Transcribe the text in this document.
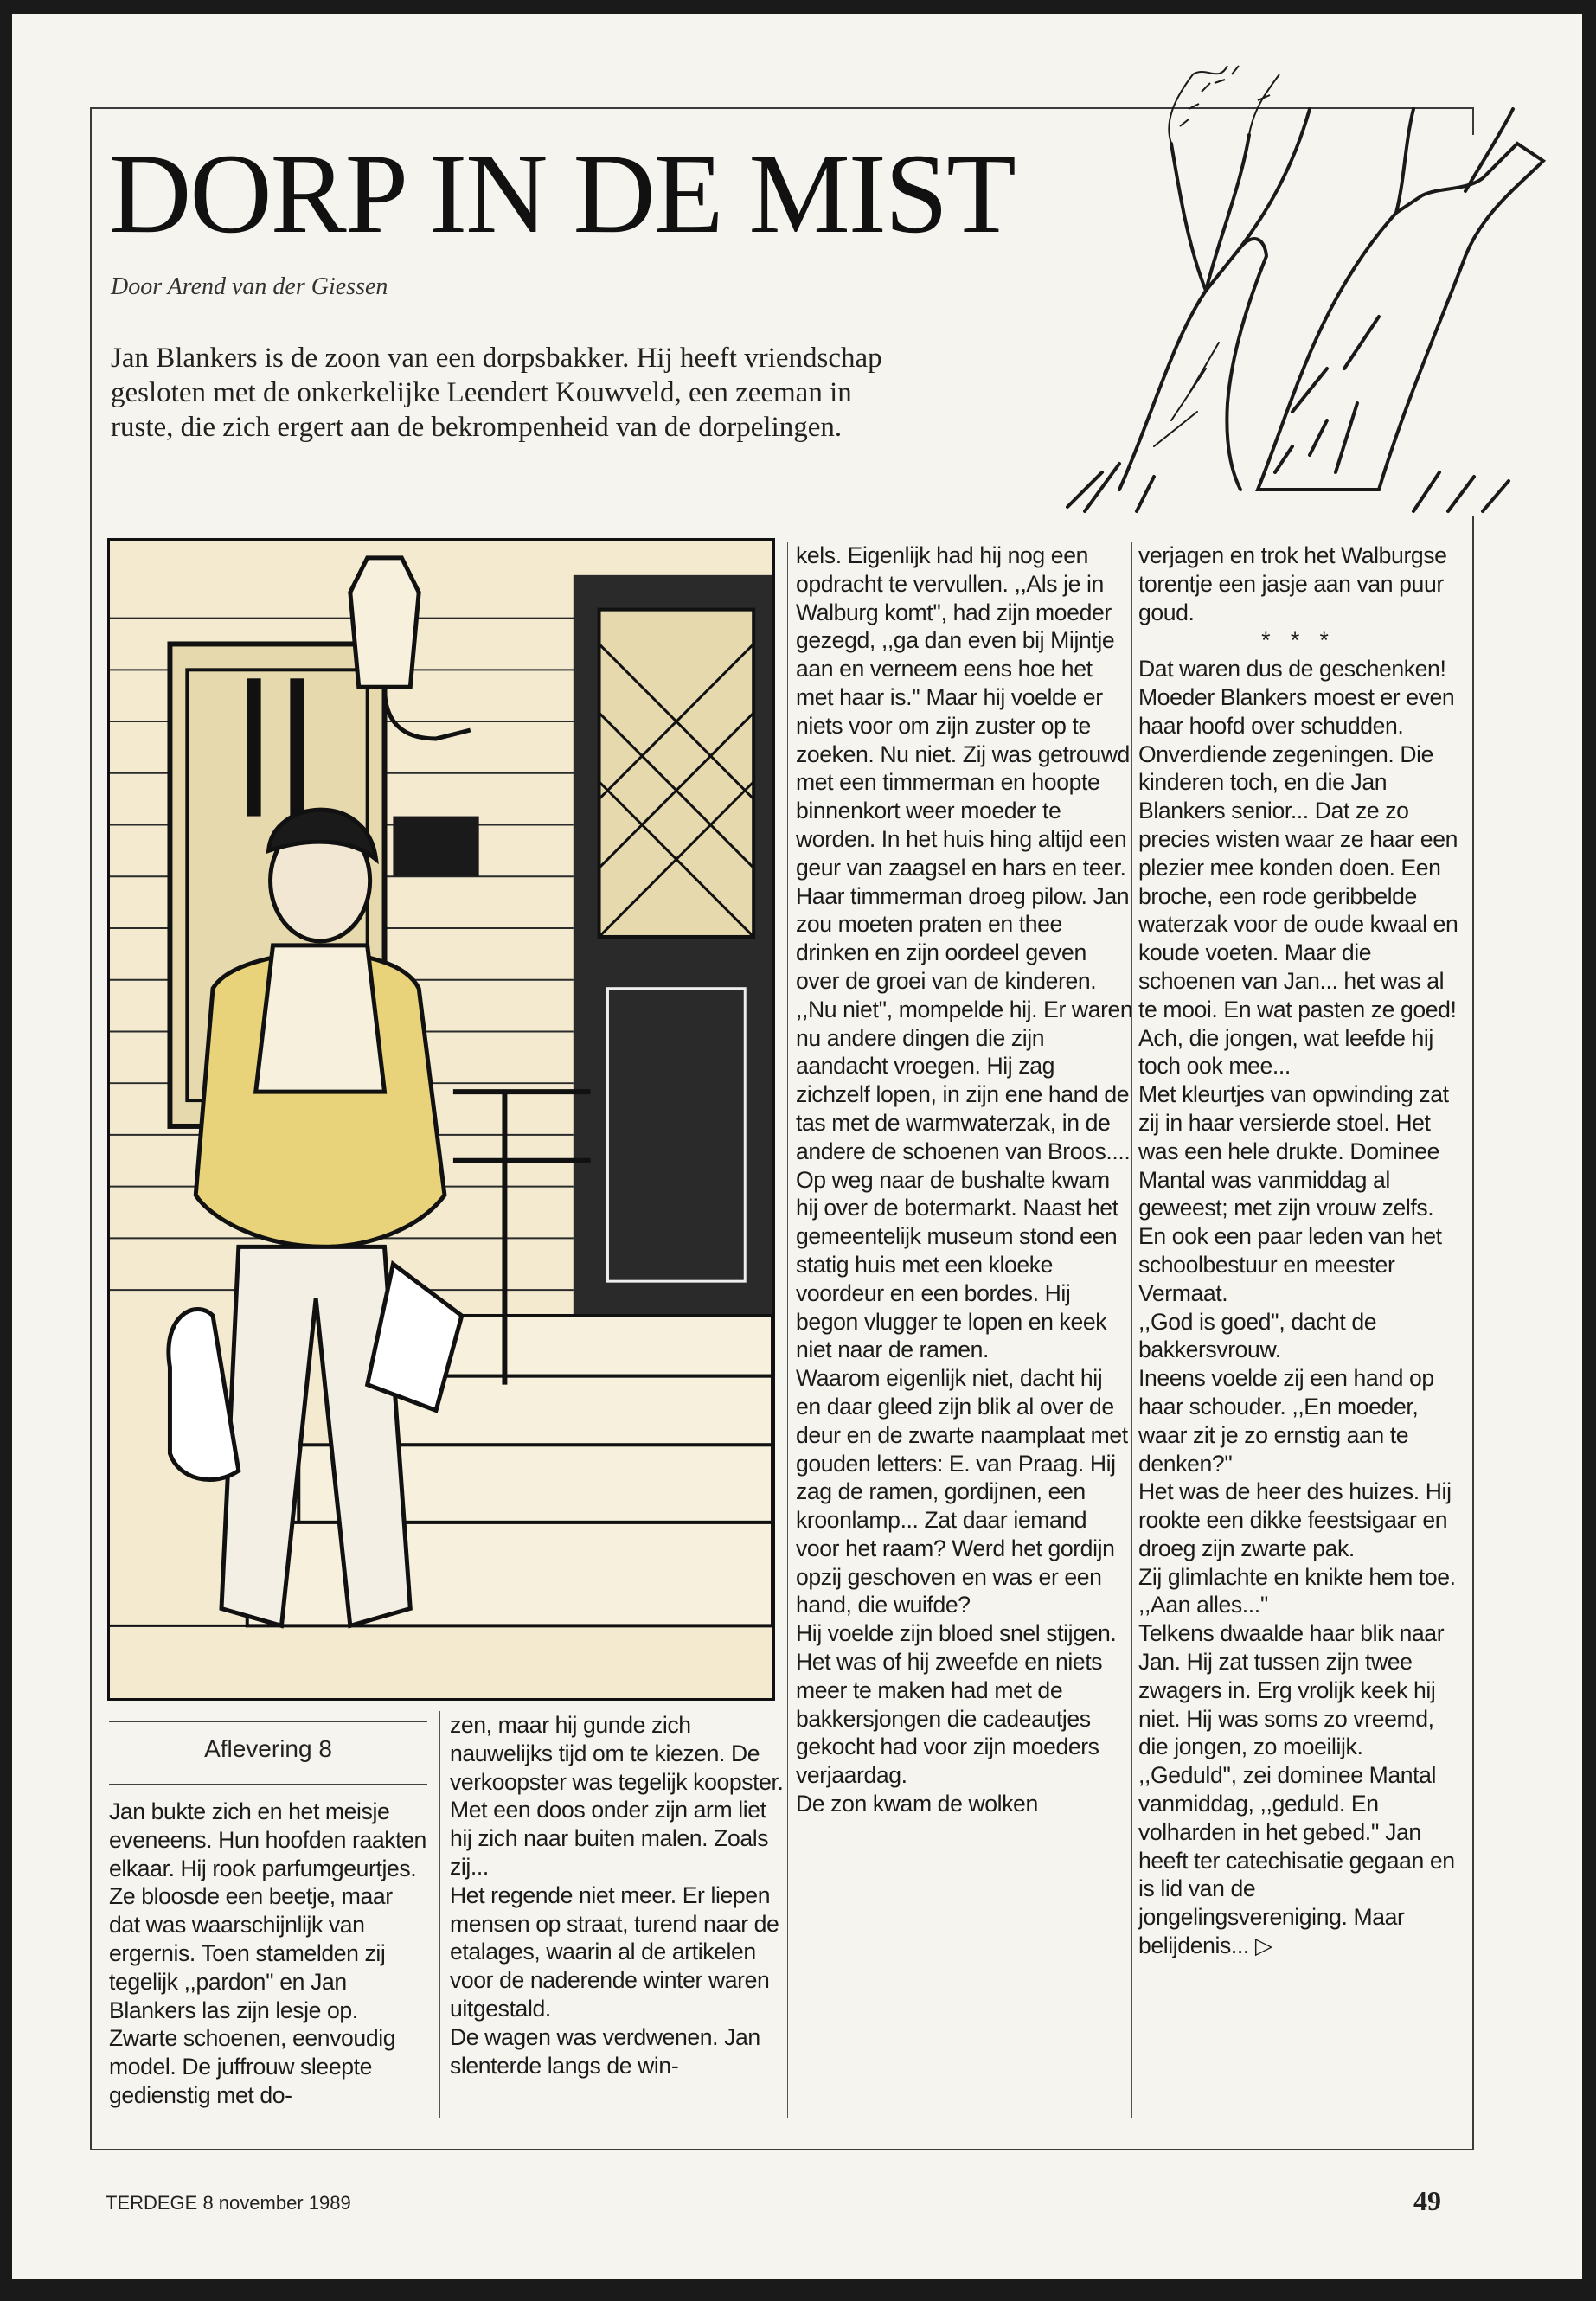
DORP IN DE MIST
Door Arend van der Giessen

Jan Blankers is de zoon van een dorpsbakker. Hij heeft vriendschap gesloten met de onkerkelijke Leendert Kouwveld, een zeeman in ruste, die zich ergert aan de bekrompenheid van de dorpelingen.

Aflevering 8

Jan bukte zich en het meisje eveneens. Hun hoofden raakten elkaar. Hij rook parfumgeurtjes. Ze bloosde een beetje, maar dat was waarschijnlijk van ergernis. Toen stamelden zij tegelijk ,,pardon'' en Jan Blankers las zijn lesje op.
Zwarte schoenen, eenvoudig model. De juffrouw sleepte gedienstig met do-

zen, maar hij gunde zich nauwelijks tijd om te kiezen. De verkoopster was tegelijk koopster.
Met een doos onder zijn arm liet hij zich naar buiten malen. Zoals zij...
Het regende niet meer. Er liepen mensen op straat, turend naar de etalages, waarin al de artikelen voor de naderende winter waren uitgestald.
De wagen was verdwenen. Jan slenterde langs de win-

kels. Eigenlijk had hij nog een opdracht te vervullen. ,,Als je in Walburg komt'', had zijn moeder gezegd, ,,ga dan even bij Mijntje aan en verneem eens hoe het met haar is.'' Maar hij voelde er niets voor om zijn zuster op te zoeken. Nu niet. Zij was getrouwd met een timmerman en hoopte binnenkort weer moeder te worden. In het huis hing altijd een geur van zaagsel en hars en teer. Haar timmerman droeg pilow. Jan zou moeten praten en thee drinken en zijn oordeel geven over de groei van de kinderen.
,,Nu niet'', mompelde hij. Er waren nu andere dingen die zijn aandacht vroegen. Hij zag zichzelf lopen, in zijn ene hand de tas met de warmwaterzak, in de andere de schoenen van Broos....
Op weg naar de bushalte kwam hij over de botermarkt. Naast het gemeentelijk museum stond een statig huis met een kloeke voordeur en een bordes. Hij begon vlugger te lopen en keek niet naar de ramen.
Waarom eigenlijk niet, dacht hij en daar gleed zijn blik al over de deur en de zwarte naamplaat met gouden letters: E. van Praag. Hij zag de ramen, gordijnen, een kroonlamp... Zat daar iemand voor het raam? Werd het gordijn opzij geschoven en was er een hand, die wuifde?
Hij voelde zijn bloed snel stijgen. Het was of hij zweefde en niets meer te maken had met de bakkersjongen die cadeautjes gekocht had voor zijn moeders verjaardag.
De zon kwam de wolken

verjagen en trok het Walburgse torentje een jasje aan van puur goud.

* * *
Dat waren dus de geschenken! Moeder Blankers moest er even haar hoofd over schudden. Onverdiende zegeningen. Die kinderen toch, en die Jan Blankers senior... Dat ze zo precies wisten waar ze haar een plezier mee konden doen. Een broche, een rode geribbelde waterzak voor de oude kwaal en koude voeten. Maar die schoenen van Jan... het was al te mooi. En wat pasten ze goed! Ach, die jongen, wat leefde hij toch ook mee...
Met kleurtjes van opwinding zat zij in haar versierde stoel. Het was een hele drukte. Dominee Mantal was vanmiddag al geweest; met zijn vrouw zelfs. En ook een paar leden van het schoolbestuur en meester Vermaat.
,,God is goed'', dacht de bakkersvrouw.
Ineens voelde zij een hand op haar schouder. ,,En moeder, waar zit je zo ernstig aan te denken?''
Het was de heer des huizes. Hij rookte een dikke feestsigaar en droeg zijn zwarte pak.
Zij glimlachte en knikte hem toe. ,,Aan alles...''
Telkens dwaalde haar blik naar Jan. Hij zat tussen zijn twee zwagers in. Erg vrolijk keek hij niet. Hij was soms zo vreemd, die jongen, zo moeilijk. ,,Geduld'', zei dominee Mantal vanmiddag, ,,geduld. En volharden in het gebed.'' Jan heeft ter catechisatie gegaan en is lid van de jongelingsvereniging. Maar belijdenis... ▷
TERDEGE 8 november 1989	49
